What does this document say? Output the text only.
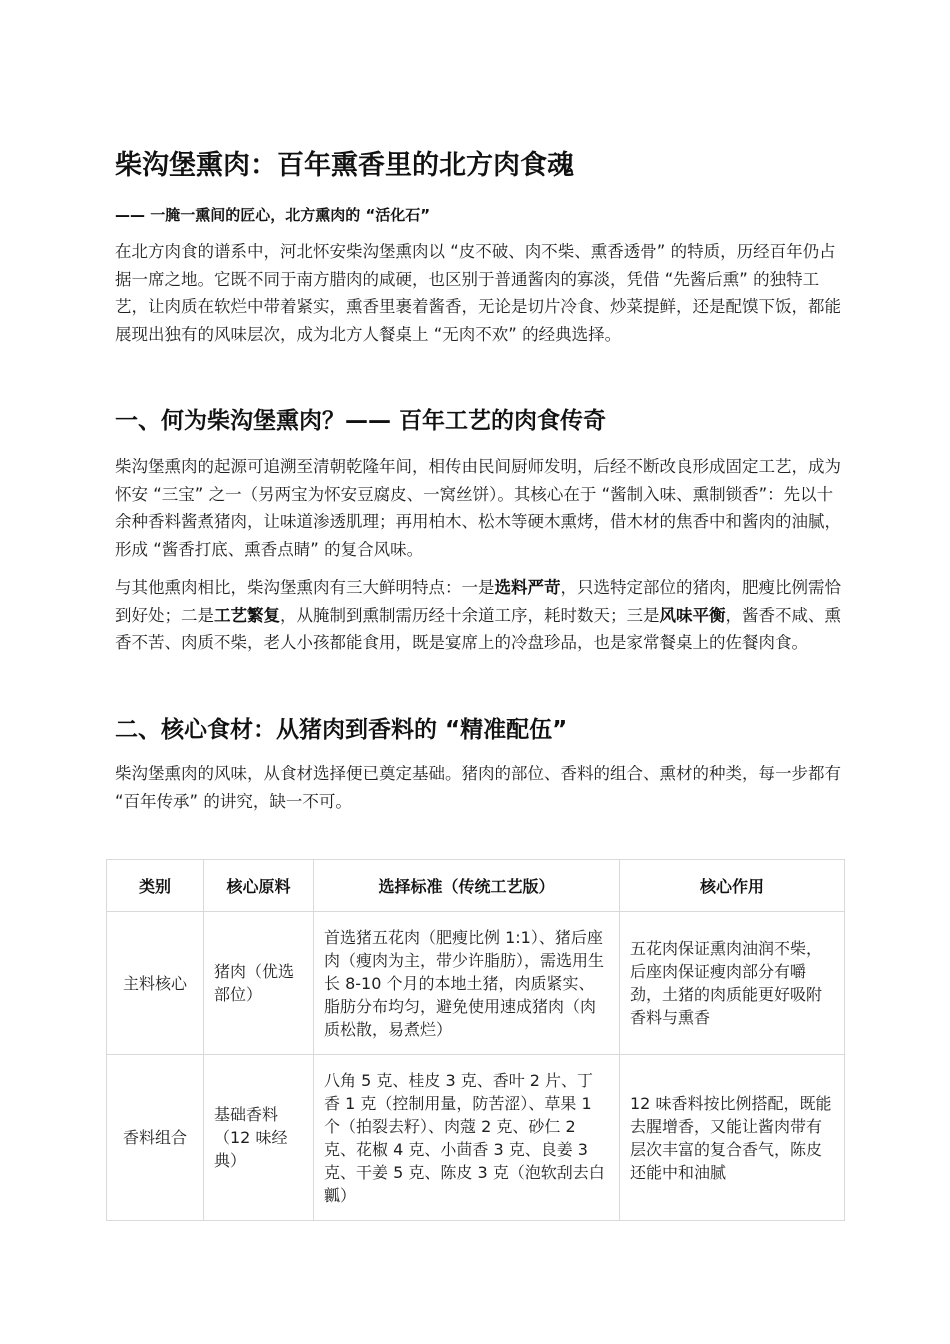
柴沟堡熏肉：百年熏香里的北方肉食魂

—— 一腌一熏间的匠心，北方熏肉的 “活化石”

在北方肉食的谱系中，河北怀安柴沟堡熏肉以 “皮不破、肉不柴、熏香透骨” 的特质，历经百年仍占据一席之地。它既不同于南方腊肉的咸硬，也区别于普通酱肉的寡淡，凭借 “先酱后熏” 的独特工艺，让肉质在软烂中带着紧实，熏香里裹着酱香，无论是切片冷食、炒菜提鲜，还是配馍下饭，都能展现出独有的风味层次，成为北方人餐桌上 “无肉不欢” 的经典选择。

一、何为柴沟堡熏肉？—— 百年工艺的肉食传奇

柴沟堡熏肉的起源可追溯至清朝乾隆年间，相传由民间厨师发明，后经不断改良形成固定工艺，成为怀安 “三宝” 之一（另两宝为怀安豆腐皮、一窝丝饼）。其核心在于 “酱制入味、熏制锁香”：先以十余种香料酱煮猪肉，让味道渗透肌理；再用柏木、松木等硬木熏烤，借木材的焦香中和酱肉的油腻，形成 “酱香打底、熏香点睛” 的复合风味。

与其他熏肉相比，柴沟堡熏肉有三大鲜明特点：一是选料严苛，只选特定部位的猪肉，肥瘦比例需恰到好处；二是工艺繁复，从腌制到熏制需历经十余道工序，耗时数天；三是风味平衡，酱香不咸、熏香不苦、肉质不柴，老人小孩都能食用，既是宴席上的冷盘珍品，也是家常餐桌上的佐餐肉食。

二、核心食材：从猪肉到香料的 “精准配伍”

柴沟堡熏肉的风味，从食材选择便已奠定基础。猪肉的部位、香料的组合、熏材的种类，每一步都有 “百年传承” 的讲究，缺一不可。

类别	核心原料	选择标准（传统工艺版）	核心作用
主料核心	猪肉（优选部位）	首选猪五花肉（肥瘦比例 1:1）、猪后座肉（瘦肉为主，带少许脂肪），需选用生长 8-10 个月的本地土猪，肉质紧实、脂肪分布均匀，避免使用速成猪肉（肉质松散，易煮烂）	五花肉保证熏肉油润不柴，后座肉保证瘦肉部分有嚼劲，土猪的肉质能更好吸附香料与熏香
香料组合	基础香料（12 味经典）	八角 5 克、桂皮 3 克、香叶 2 片、丁香 1 克（控制用量，防苦涩）、草果 1 个（拍裂去籽）、肉蔻 2 克、砂仁 2 克、花椒 4 克、小茴香 3 克、良姜 3 克、干姜 5 克、陈皮 3 克（泡软刮去白瓤）	12 味香料按比例搭配，既能去腥增香，又能让酱肉带有层次丰富的复合香气，陈皮还能中和油腻
